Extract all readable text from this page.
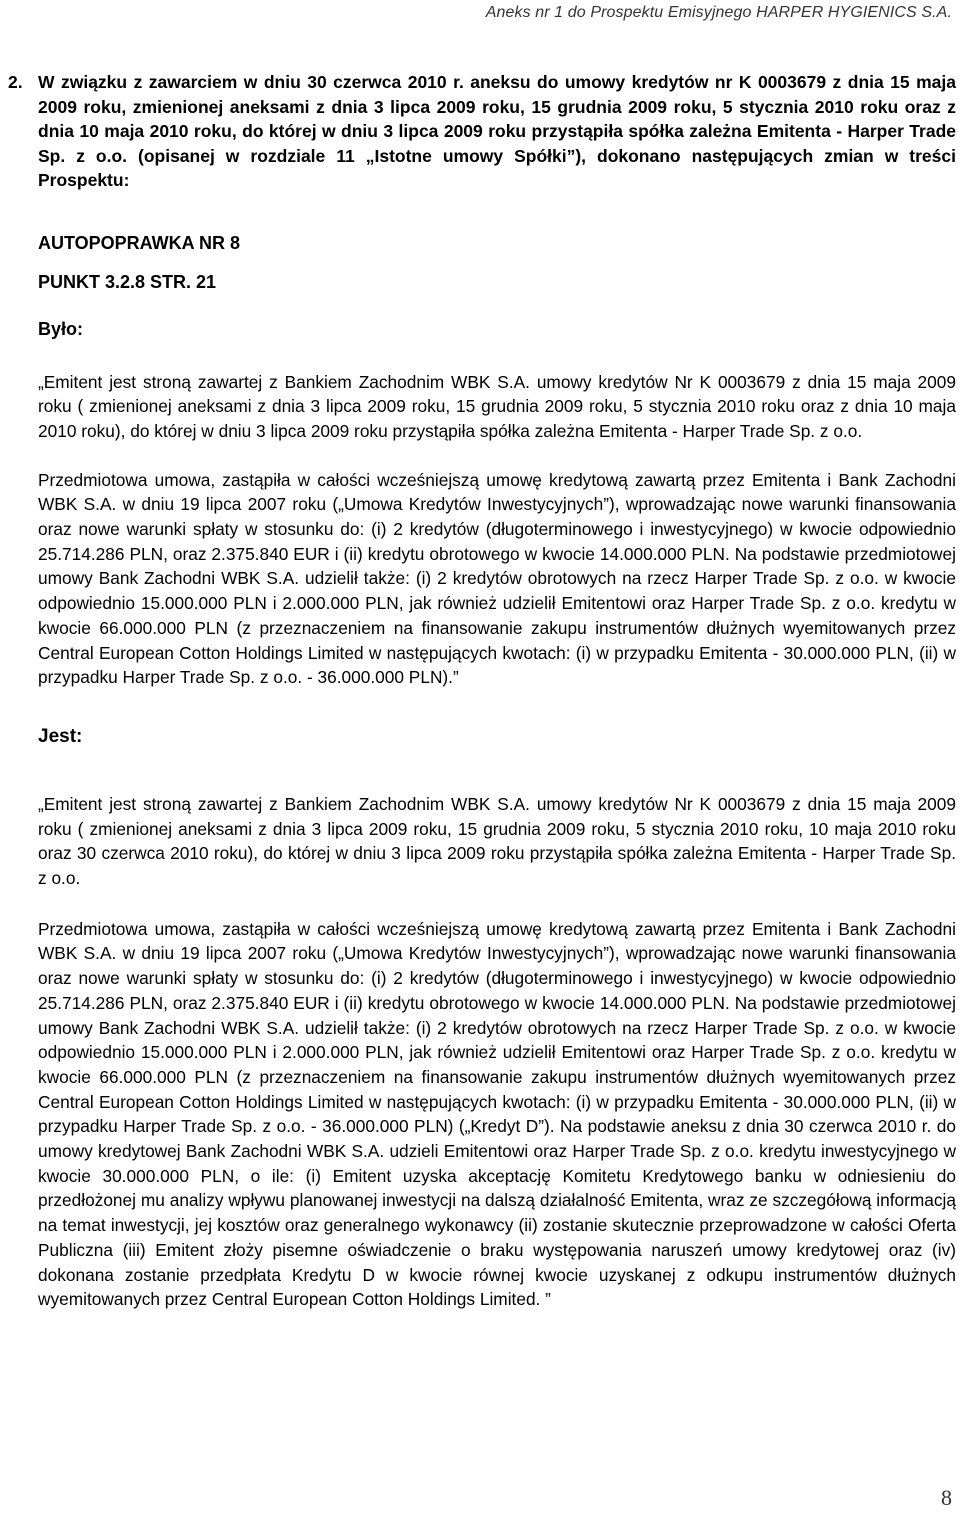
Aneks nr 1 do Prospektu Emisyjnego HARPER HYGIENICS S.A.
2. W związku z zawarciem w dniu 30 czerwca 2010 r. aneksu do umowy kredytów nr K 0003679 z dnia 15 maja 2009 roku, zmienionej aneksami z dnia 3 lipca 2009 roku, 15 grudnia 2009 roku, 5 stycznia 2010 roku oraz z dnia 10 maja 2010 roku, do której w dniu 3 lipca 2009 roku przystąpiła spółka zależna Emitenta - Harper Trade Sp. z o.o. (opisanej w rozdziale 11 „Istotne umowy Spółki”), dokonano następujących zmian w treści Prospektu:

AUTOPOPRAWKA NR 8

PUNKT 3.2.8 STR. 21

Było:

„Emitent jest stroną zawartej z Bankiem Zachodnim WBK S.A. umowy kredytów Nr K 0003679 z dnia 15 maja 2009 roku ( zmienionej aneksami z dnia 3 lipca 2009 roku, 15 grudnia 2009 roku, 5 stycznia 2010 roku oraz z dnia 10 maja 2010 roku), do której w dniu 3 lipca 2009 roku przystąpiła spółka zależna Emitenta - Harper Trade Sp. z o.o.

Przedmiotowa umowa, zastąpiła w całości wcześniejszą umowę kredytową zawartą przez Emitenta i Bank Zachodni WBK S.A. w dniu 19 lipca 2007 roku („Umowa Kredytów Inwestycyjnych”), wprowadzając nowe warunki finansowania oraz nowe warunki spłaty w stosunku do: (i) 2 kredytów (długoterminowego i inwestycyjnego) w kwocie odpowiednio 25.714.286 PLN, oraz 2.375.840 EUR i (ii) kredytu obrotowego w kwocie 14.000.000 PLN. Na podstawie przedmiotowej umowy Bank Zachodni WBK S.A. udzielił także: (i) 2 kredytów obrotowych na rzecz Harper Trade Sp. z o.o. w kwocie odpowiednio 15.000.000 PLN i 2.000.000 PLN, jak również udzielił Emitentowi oraz Harper Trade Sp. z o.o. kredytu w kwocie 66.000.000 PLN (z przeznaczeniem na finansowanie zakupu instrumentów dłużnych wyemitowanych przez Central European Cotton Holdings Limited w następujących kwotach: (i) w przypadku Emitenta - 30.000.000 PLN, (ii) w przypadku Harper Trade Sp. z o.o. - 36.000.000 PLN).”

Jest:

„Emitent jest stroną zawartej z Bankiem Zachodnim WBK S.A. umowy kredytów Nr K 0003679 z dnia 15 maja 2009 roku ( zmienionej aneksami z dnia 3 lipca 2009 roku, 15 grudnia 2009 roku, 5 stycznia 2010 roku, 10 maja 2010 roku oraz 30 czerwca 2010 roku), do której w dniu 3 lipca 2009 roku przystąpiła spółka zależna Emitenta - Harper Trade Sp. z o.o.

Przedmiotowa umowa, zastąpiła w całości wcześniejszą umowę kredytową zawartą przez Emitenta i Bank Zachodni WBK S.A. w dniu 19 lipca 2007 roku („Umowa Kredytów Inwestycyjnych”), wprowadzając nowe warunki finansowania oraz nowe warunki spłaty w stosunku do: (i) 2 kredytów (długoterminowego i inwestycyjnego) w kwocie odpowiednio 25.714.286 PLN, oraz 2.375.840 EUR i (ii) kredytu obrotowego w kwocie 14.000.000 PLN. Na podstawie przedmiotowej umowy Bank Zachodni WBK S.A. udzielił także: (i) 2 kredytów obrotowych na rzecz Harper Trade Sp. z o.o. w kwocie odpowiednio 15.000.000 PLN i 2.000.000 PLN, jak również udzielił Emitentowi oraz Harper Trade Sp. z o.o. kredytu w kwocie 66.000.000 PLN (z przeznaczeniem na finansowanie zakupu instrumentów dłużnych wyemitowanych przez Central European Cotton Holdings Limited w następujących kwotach: (i) w przypadku Emitenta - 30.000.000 PLN, (ii) w przypadku Harper Trade Sp. z o.o. - 36.000.000 PLN) („Kredyt D”). Na podstawie aneksu z dnia 30 czerwca 2010 r. do umowy kredytowej Bank Zachodni WBK S.A. udzieli Emitentowi oraz Harper Trade Sp. z o.o. kredytu inwestycyjnego w kwocie 30.000.000 PLN, o ile: (i) Emitent uzyska akceptację Komitetu Kredytowego banku w odniesieniu do przedłożonej mu analizy wpływu planowanej inwestycji na dalszą działalność Emitenta, wraz ze szczegółową informacją na temat inwestycji, jej kosztów oraz generalnego wykonawcy (ii) zostanie skutecznie przeprowadzone w całości Oferta Publiczna (iii) Emitent złoży pisemne oświadczenie o braku występowania naruszeń umowy kredytowej oraz (iv) dokonana zostanie przedpłata Kredytu D w kwocie równej kwocie uzyskanej z odkupu instrumentów dłużnych wyemitowanych przez Central European Cotton Holdings Limited. ”

8
